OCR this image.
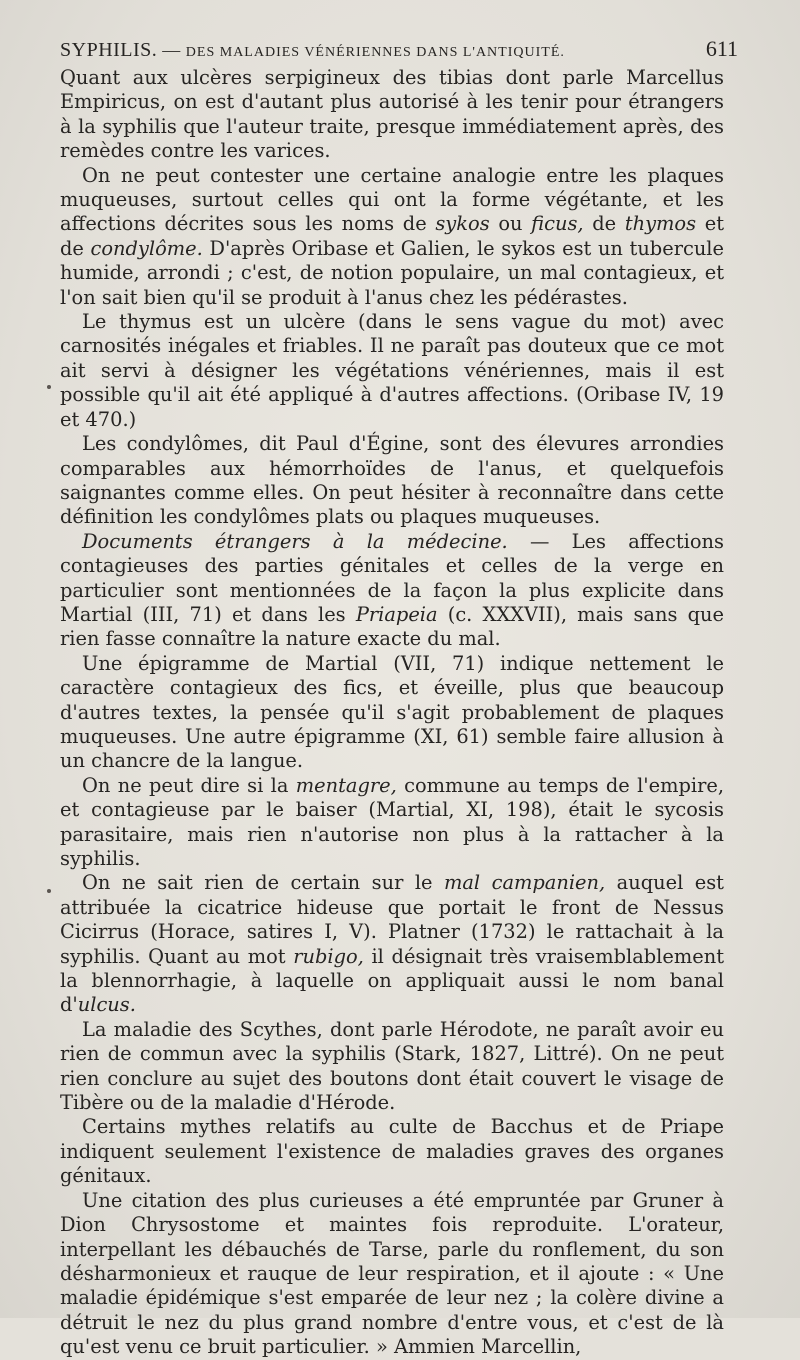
SYPHILIS. — DES MALADIES VÉNÉRIENNES DANS L'ANTIQUITÉ.	611

Quant aux ulcères serpigineux des tibias dont parle Marcellus Empiricus, on est d'autant plus autorisé à les tenir pour étrangers à la syphilis que l'auteur traite, presque immédiatement après, des remèdes contre les varices.

On ne peut contester une certaine analogie entre les plaques muqueuses, surtout celles qui ont la forme végétante, et les affections décrites sous les noms de sykos ou ficus, de thymos et de condylôme. D'après Oribase et Galien, le sykos est un tubercule humide, arrondi ; c'est, de notion populaire, un mal contagieux, et l'on sait bien qu'il se produit à l'anus chez les pédérastes.

Le thymus est un ulcère (dans le sens vague du mot) avec carnosités inégales et friables. Il ne paraît pas douteux que ce mot ait servi à désigner les végétations vénériennes, mais il est possible qu'il ait été appliqué à d'autres affections. (Oribase IV, 19 et 470.)

Les condylômes, dit Paul d'Égine, sont des élevures arrondies comparables aux hémorrhoïdes de l'anus, et quelquefois saignantes comme elles. On peut hésiter à reconnaître dans cette définition les condylômes plats ou plaques muqueuses.

Documents étrangers à la médecine. — Les affections contagieuses des parties génitales et celles de la verge en particulier sont mentionnées de la façon la plus explicite dans Martial (III, 71) et dans les Priapeia (c. XXXVII), mais sans que rien fasse connaître la nature exacte du mal.

Une épigramme de Martial (VII, 71) indique nettement le caractère contagieux des fics, et éveille, plus que beaucoup d'autres textes, la pensée qu'il s'agit probablement de plaques muqueuses. Une autre épigramme (XI, 61) semble faire allusion à un chancre de la langue.

On ne peut dire si la mentagre, commune au temps de l'empire, et contagieuse par le baiser (Martial, XI, 198), était le sycosis parasitaire, mais rien n'autorise non plus à la rattacher à la syphilis.

On ne sait rien de certain sur le mal campanien, auquel est attribuée la cicatrice hideuse que portait le front de Nessus Cicirrus (Horace, satires I, V). Platner (1732) le rattachait à la syphilis. Quant au mot rubigo, il désignait très vraisemblablement la blennorrhagie, à laquelle on appliquait aussi le nom banal d'ulcus.

La maladie des Scythes, dont parle Hérodote, ne paraît avoir eu rien de commun avec la syphilis (Stark, 1827, Littré). On ne peut rien conclure au sujet des boutons dont était couvert le visage de Tibère ou de la maladie d'Hérode.

Certains mythes relatifs au culte de Bacchus et de Priape indiquent seulement l'existence de maladies graves des organes génitaux.

Une citation des plus curieuses a été empruntée par Gruner à Dion Chrysostome et maintes fois reproduite. L'orateur, interpellant les débauchés de Tarse, parle du ronflement, du son désharmonieux et rauque de leur respiration, et il ajoute : « Une maladie épidémique s'est emparée de leur nez ; la colère divine a détruit le nez du plus grand nombre d'entre vous, et c'est de là qu'est venu ce bruit particulier. » Ammien Marcellin,
